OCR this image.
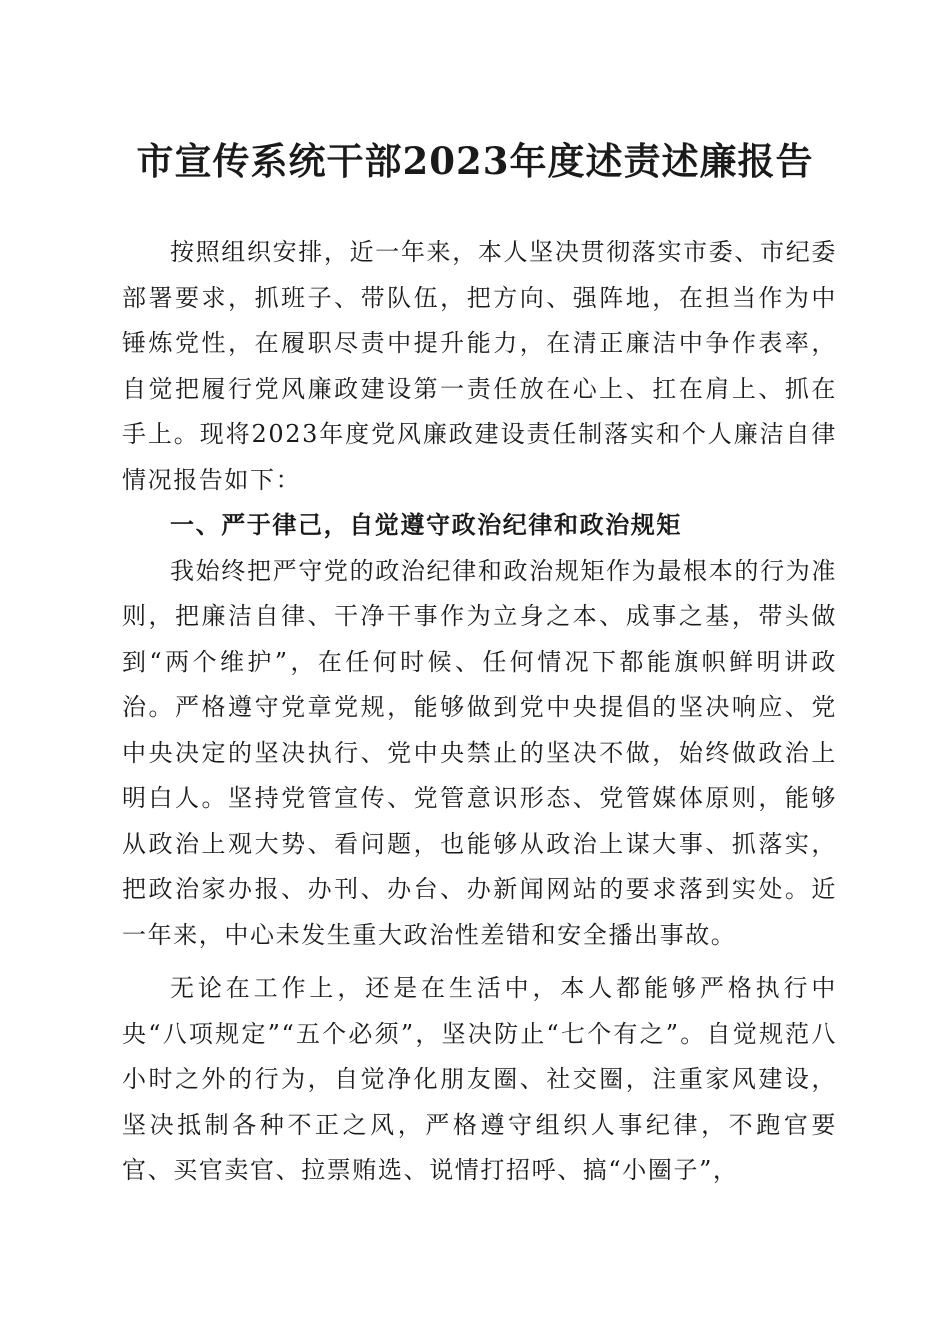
市宣传系统干部2023年度述责述廉报告

按照组织安排，近一年来，本人坚决贯彻落实市委、市纪委部署要求，抓班子、带队伍，把方向、强阵地，在担当作为中锤炼党性，在履职尽责中提升能力，在清正廉洁中争作表率，自觉把履行党风廉政建设第一责任放在心上、扛在肩上、抓在手上。现将2023年度党风廉政建设责任制落实和个人廉洁自律情况报告如下：

一、严于律己，自觉遵守政治纪律和政治规矩

我始终把严守党的政治纪律和政治规矩作为最根本的行为准则，把廉洁自律、干净干事作为立身之本、成事之基，带头做到“两个维护”，在任何时候、任何情况下都能旗帜鲜明讲政治。严格遵守党章党规，能够做到党中央提倡的坚决响应、党中央决定的坚决执行、党中央禁止的坚决不做，始终做政治上明白人。坚持党管宣传、党管意识形态、党管媒体原则，能够从政治上观大势、看问题，也能够从政治上谋大事、抓落实，把政治家办报、办刊、办台、办新闻网站的要求落到实处。近一年来，中心未发生重大政治性差错和安全播出事故。

无论在工作上，还是在生活中，本人都能够严格执行中央“八项规定”“五个必须”，坚决防止“七个有之”。自觉规范八小时之外的行为，自觉净化朋友圈、社交圈，注重家风建设，坚决抵制各种不正之风，严格遵守组织人事纪律，不跑官要官、买官卖官、拉票贿选、说情打招呼、搞“小圈子”，
